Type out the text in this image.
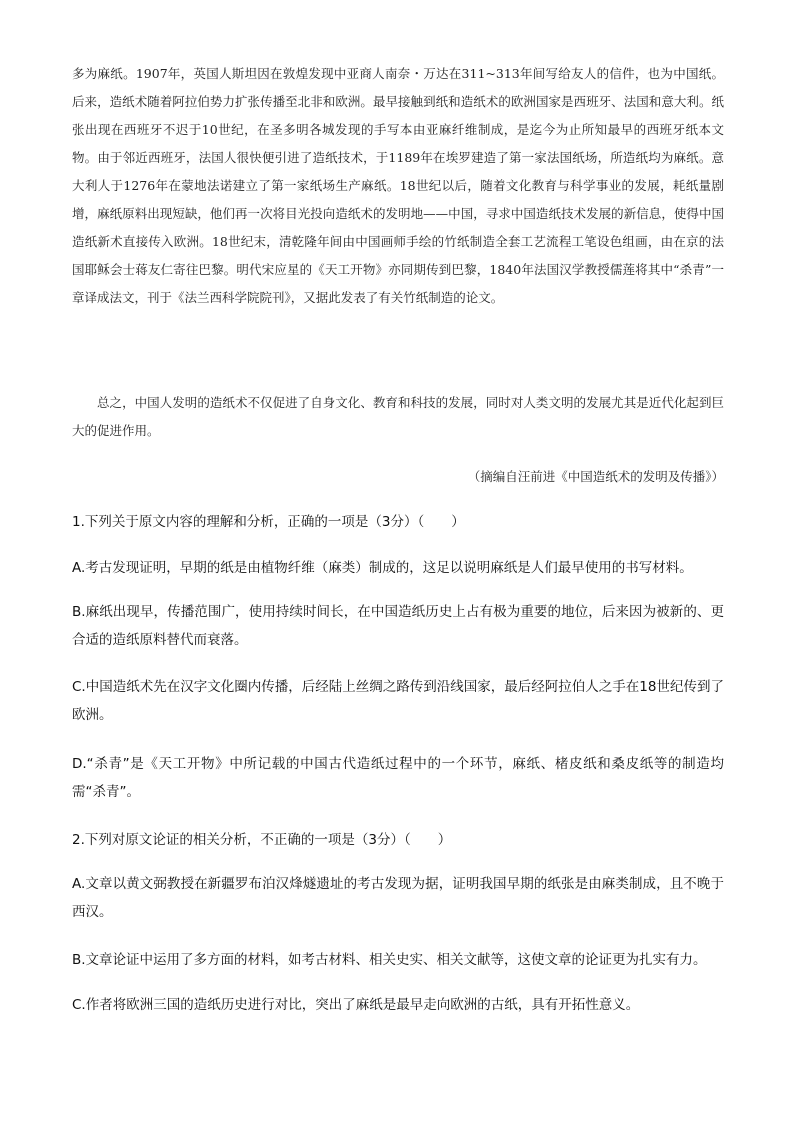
多为麻纸。1907年，英国人斯坦因在敦煌发现中亚商人南奈・万达在311~313年间写给友人的信件，也为中国纸。后来，造纸术随着阿拉伯势力扩张传播至北非和欧洲。最早接触到纸和造纸术的欧洲国家是西班牙、法国和意大利。纸张出现在西班牙不迟于10世纪，在圣多明各城发现的手写本由亚麻纤维制成，是迄今为止所知最早的西班牙纸本文物。由于邻近西班牙，法国人很快便引进了造纸技术，于1189年在埃罗建造了第一家法国纸场，所造纸均为麻纸。意大利人于1276年在蒙地法诺建立了第一家纸场生产麻纸。18世纪以后，随着文化教育与科学事业的发展，耗纸量剧增，麻纸原料出现短缺，他们再一次将目光投向造纸术的发明地——中国，寻求中国造纸技术发展的新信息，使得中国造纸新术直接传入欧洲。18世纪末，清乾隆年间由中国画师手绘的竹纸制造全套工艺流程工笔设色组画，由在京的法国耶稣会士蒋友仁寄往巴黎。明代宋应星的《天工开物》亦同期传到巴黎，1840年法国汉学教授儒莲将其中“杀青”一章译成法文，刊于《法兰西科学院院刊》，又据此发表了有关竹纸制造的论文。

总之，中国人发明的造纸术不仅促进了自身文化、教育和科技的发展，同时对人类文明的发展尤其是近代化起到巨大的促进作用。

（摘编自汪前进《中国造纸术的发明及传播》）

1.下列关于原文内容的理解和分析，正确的一项是（3分）（　　）

A.考古发现证明，早期的纸是由植物纤维（麻类）制成的，这足以说明麻纸是人们最早使用的书写材料。

B.麻纸出现早，传播范围广，使用持续时间长，在中国造纸历史上占有极为重要的地位，后来因为被新的、更合适的造纸原料替代而衰落。

C.中国造纸术先在汉字文化圈内传播，后经陆上丝绸之路传到沿线国家，最后经阿拉伯人之手在18世纪传到了欧洲。

D.“杀青”是《天工开物》中所记载的中国古代造纸过程中的一个环节，麻纸、楮皮纸和桑皮纸等的制造均需“杀青”。

2.下列对原文论证的相关分析，不正确的一项是（3分）（　　）

A.文章以黄文弼教授在新疆罗布泊汉烽燧遗址的考古发现为据，证明我国早期的纸张是由麻类制成，且不晚于西汉。

B.文章论证中运用了多方面的材料，如考古材料、相关史实、相关文献等，这使文章的论证更为扎实有力。

C.作者将欧洲三国的造纸历史进行对比，突出了麻纸是最早走向欧洲的古纸，具有开拓性意义。
